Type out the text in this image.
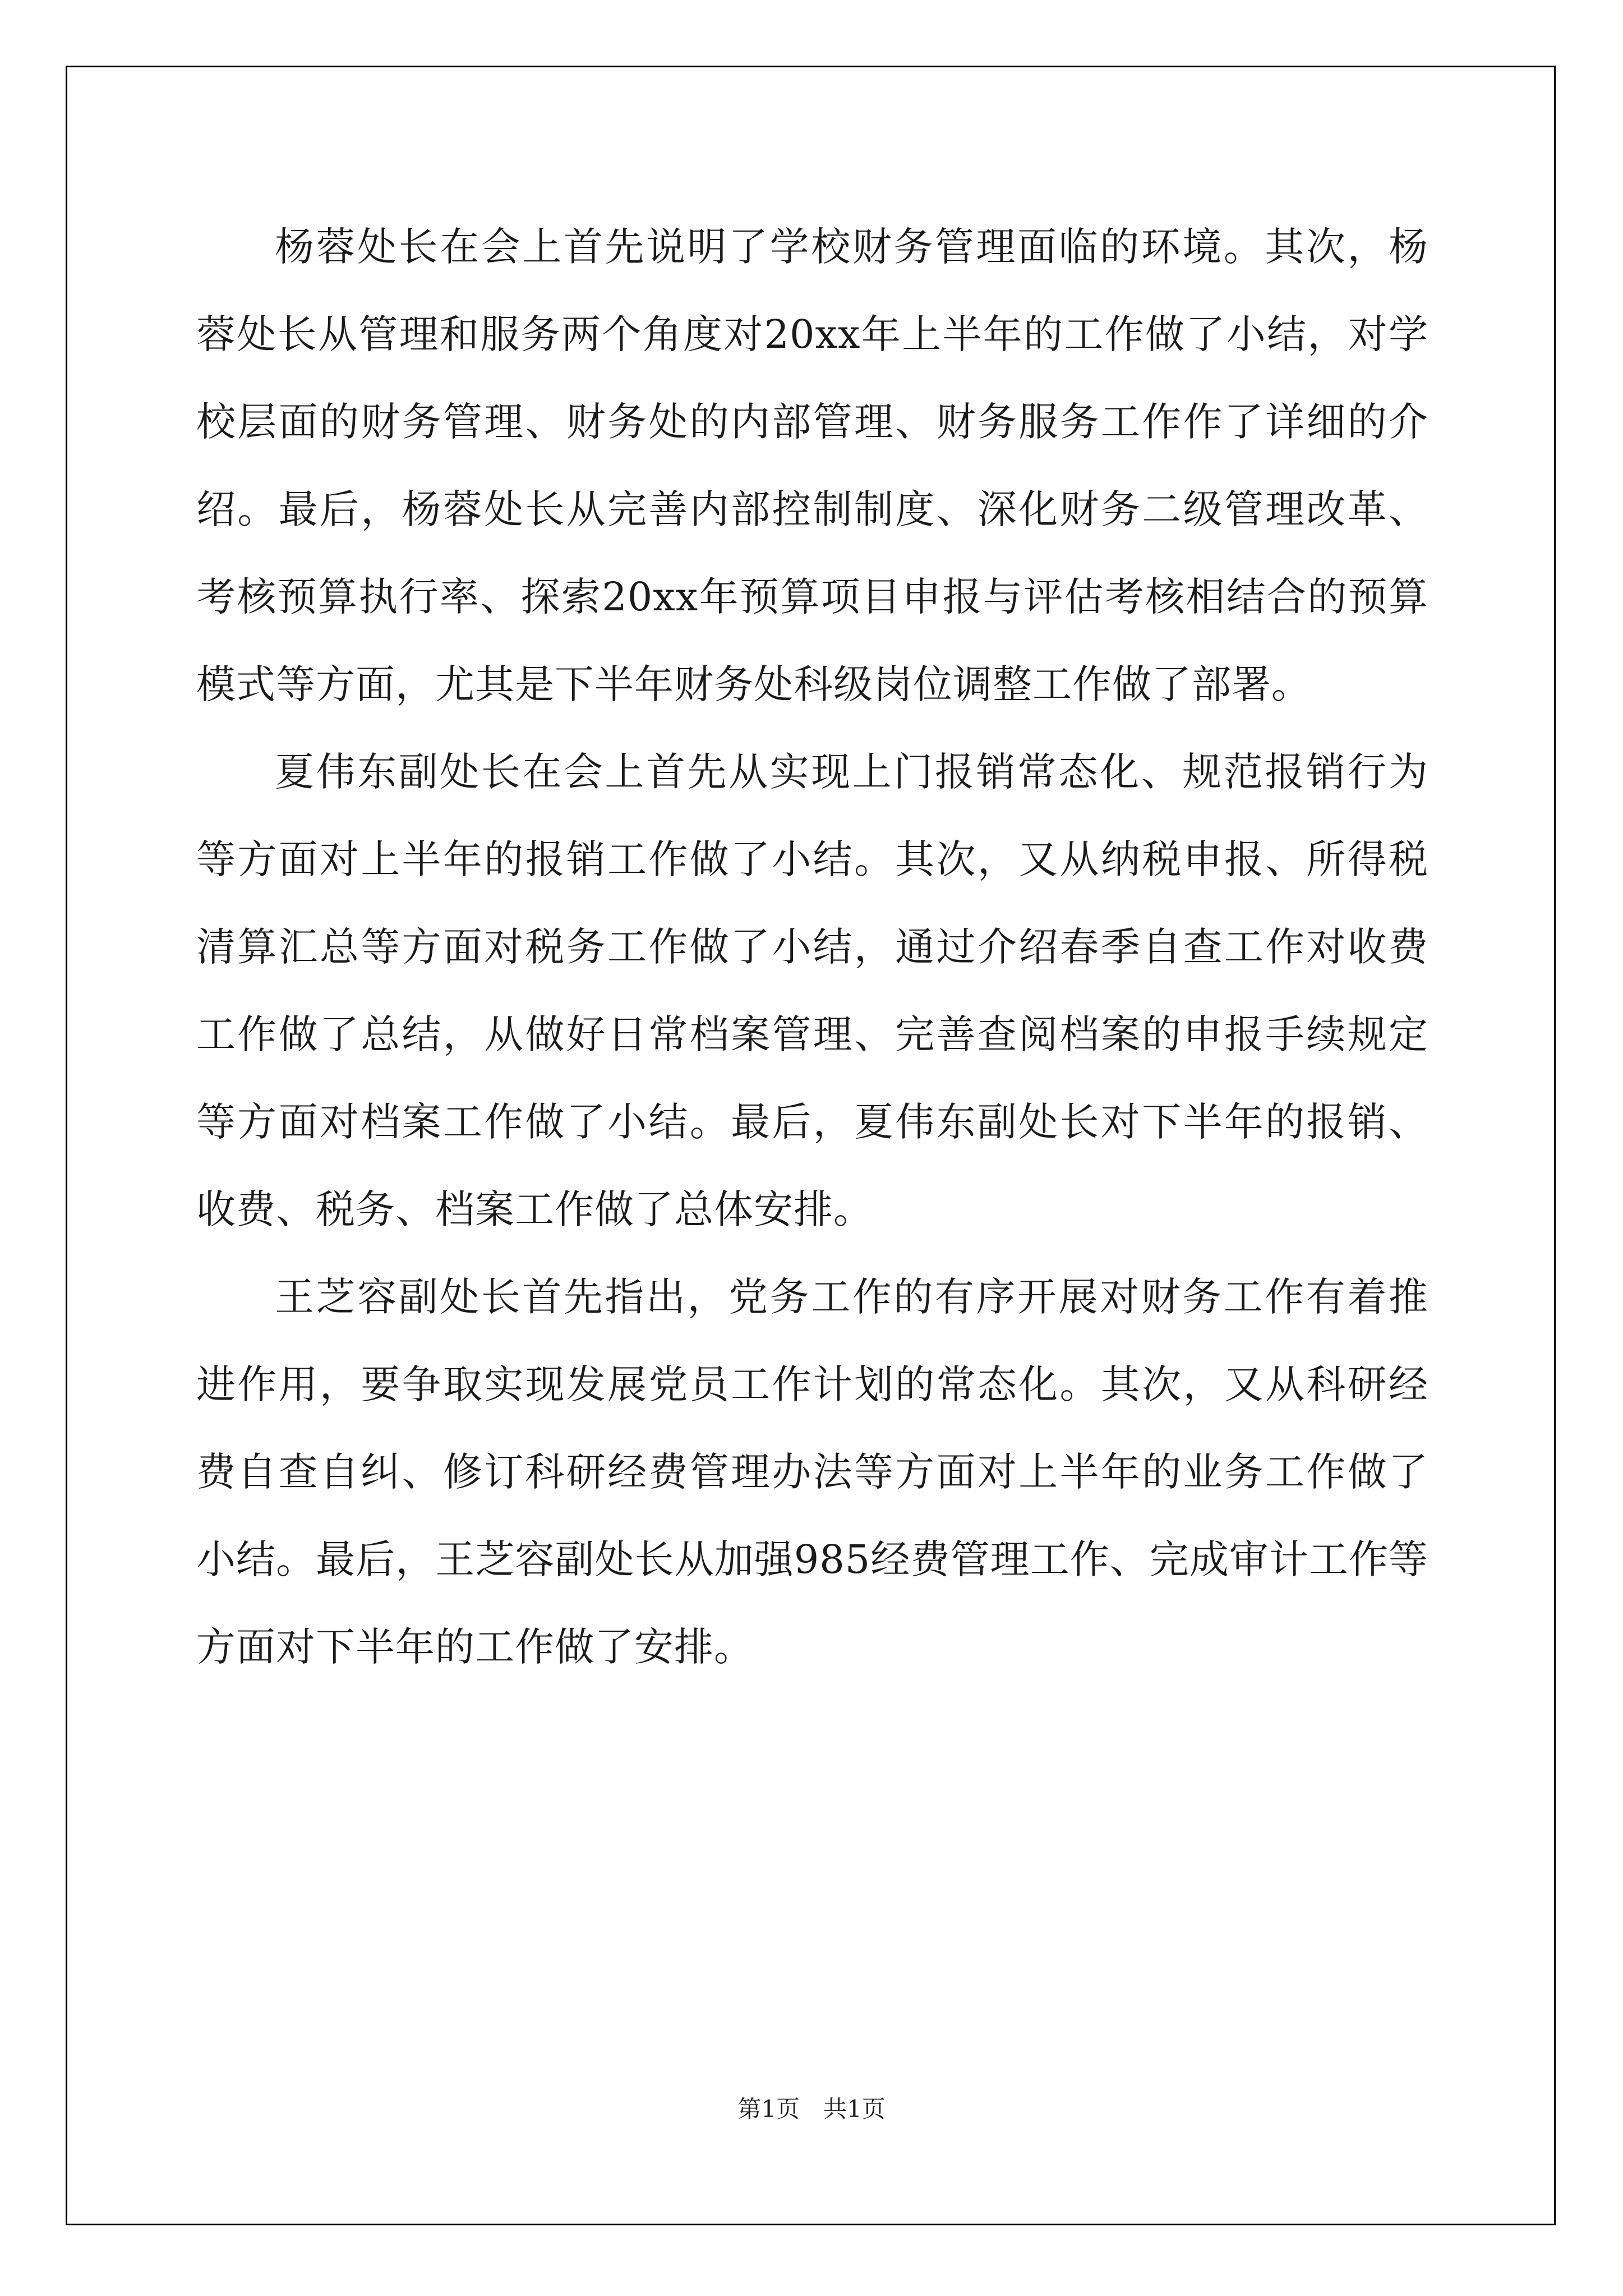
杨蓉处长在会上首先说明了学校财务管理面临的环境。其次，杨蓉处长从管理和服务两个角度对20xx年上半年的工作做了小结，对学校层面的财务管理、财务处的内部管理、财务服务工作作了详细的介绍。最后，杨蓉处长从完善内部控制制度、深化财务二级管理改革、考核预算执行率、探索20xx年预算项目申报与评估考核相结合的预算模式等方面，尤其是下半年财务处科级岗位调整工作做了部署。

夏伟东副处长在会上首先从实现上门报销常态化、规范报销行为等方面对上半年的报销工作做了小结。其次，又从纳税申报、所得税清算汇总等方面对税务工作做了小结，通过介绍春季自查工作对收费工作做了总结，从做好日常档案管理、完善查阅档案的申报手续规定等方面对档案工作做了小结。最后，夏伟东副处长对下半年的报销、收费、税务、档案工作做了总体安排。

王芝容副处长首先指出，党务工作的有序开展对财务工作有着推进作用，要争取实现发展党员工作计划的常态化。其次，又从科研经费自查自纠、修订科研经费管理办法等方面对上半年的业务工作做了小结。最后，王芝容副处长从加强985经费管理工作、完成审计工作等方面对下半年的工作做了安排。

第1页　共1页
